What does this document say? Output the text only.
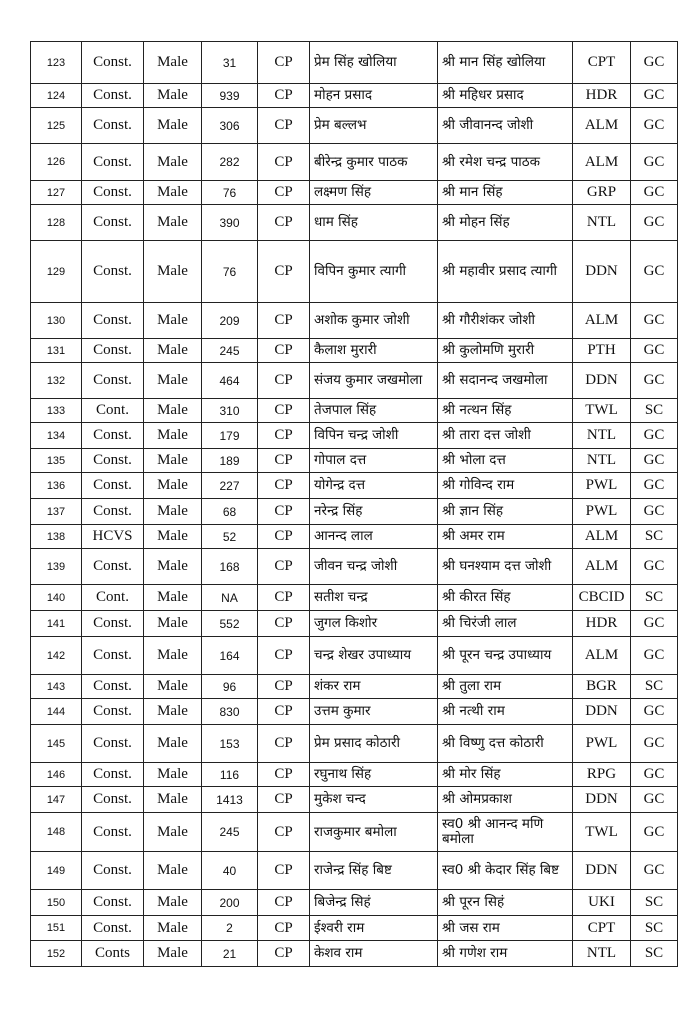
123	Const.	Male	31	CP	प्रेम सिंह खोलिया	श्री मान सिंह खोलिया	CPT	GC
124	Const.	Male	939	CP	मोहन प्रसाद	श्री महिधर प्रसाद	HDR	GC
125	Const.	Male	306	CP	प्रेम बल्लभ	श्री जीवानन्द जोशी	ALM	GC
126	Const.	Male	282	CP	बीरेन्द्र कुमार पाठक	श्री रमेश चन्द्र पाठक	ALM	GC
127	Const.	Male	76	CP	लक्ष्मण सिंह	श्री मान सिंह	GRP	GC
128	Const.	Male	390	CP	धाम सिंह	श्री मोहन सिंह	NTL	GC
129	Const.	Male	76	CP	विपिन कुमार त्यागी	श्री महावीर प्रसाद त्यागी	DDN	GC
130	Const.	Male	209	CP	अशोक कुमार जोशी	श्री गौरीशंकर जोशी	ALM	GC
131	Const.	Male	245	CP	कैलाश मुरारी	श्री कुलोमणि मुरारी	PTH	GC
132	Const.	Male	464	CP	संजय कुमार जखमोला	श्री सदानन्द जखमोला	DDN	GC
133	Cont.	Male	310	CP	तेजपाल सिंह	श्री नत्थन सिंह	TWL	SC
134	Const.	Male	179	CP	विपिन चन्द्र जोशी	श्री तारा दत्त जोशी	NTL	GC
135	Const.	Male	189	CP	गोपाल दत्त	श्री भोला दत्त	NTL	GC
136	Const.	Male	227	CP	योगेन्द्र दत्त	श्री गोविन्द राम	PWL	GC
137	Const.	Male	68	CP	नरेन्द्र सिंह	श्री ज्ञान सिंह	PWL	GC
138	HCVS	Male	52	CP	आनन्द लाल	श्री अमर राम	ALM	SC
139	Const.	Male	168	CP	जीवन चन्द्र जोशी	श्री घनश्याम दत्त जोशी	ALM	GC
140	Cont.	Male	NA	CP	सतीश चन्द्र	श्री कीरत सिंह	CBCID	SC
141	Const.	Male	552	CP	जुगल किशोर	श्री चिरंजी लाल	HDR	GC
142	Const.	Male	164	CP	चन्द्र शेखर उपाध्याय	श्री पूरन चन्द्र उपाध्याय	ALM	GC
143	Const.	Male	96	CP	शंकर राम	श्री तुला राम	BGR	SC
144	Const.	Male	830	CP	उत्तम कुमार	श्री नत्थी राम	DDN	GC
145	Const.	Male	153	CP	प्रेम प्रसाद कोठारी	श्री विष्णु दत्त कोठारी	PWL	GC
146	Const.	Male	116	CP	रघुनाथ सिंह	श्री मोर सिंह	RPG	GC
147	Const.	Male	1413	CP	मुकेश चन्द	श्री ओमप्रकाश	DDN	GC
148	Const.	Male	245	CP	राजकुमार बमोला	स्व0 श्री आनन्द मणि बमोला	TWL	GC
149	Const.	Male	40	CP	राजेन्द्र सिंह बिष्ट	स्व0 श्री केदार सिंह बिष्ट	DDN	GC
150	Const.	Male	200	CP	बिजेन्द्र सिहं	श्री पूरन सिहं	UKI	SC
151	Const.	Male	2	CP	ईश्वरी राम	श्री जस राम	CPT	SC
152	Conts	Male	21	CP	केशव राम	श्री गणेश राम	NTL	SC
